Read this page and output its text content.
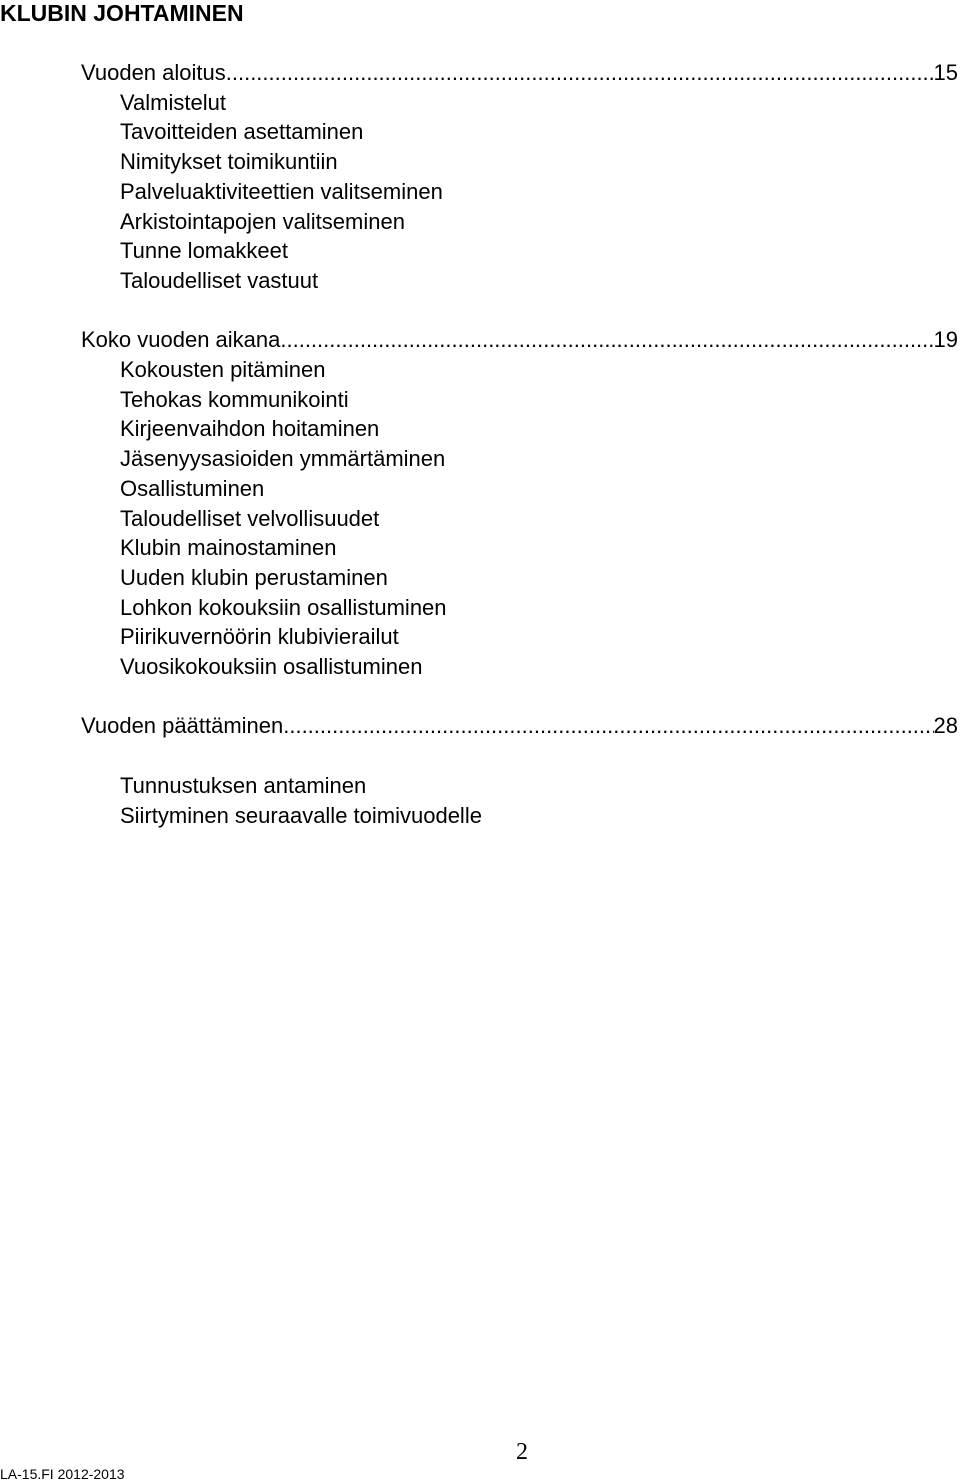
KLUBIN JOHTAMINEN
Vuoden aloitus .....	15
Valmistelut
Tavoitteiden asettaminen
Nimitykset toimikuntiin
Palveluaktiviteettien valitseminen
Arkistointapojen valitseminen
Tunne lomakkeet
Taloudelliset vastuut
Koko vuoden aikana .....	19
Kokousten pitäminen
Tehokas kommunikointi
Kirjeenvaihdon hoitaminen
Jäsenyysasioiden ymmärtäminen
Osallistuminen
Taloudelliset velvollisuudet
Klubin mainostaminen
Uuden klubin perustaminen
Lohkon kokouksiin osallistuminen
Piirikuvernöörin klubivierailut
Vuosikokouksiin osallistuminen
Vuoden päättäminen .....	28
Tunnustuksen antaminen
Siirtyminen seuraavalle toimivuodelle
2
LA-15.FI 2012-2013
